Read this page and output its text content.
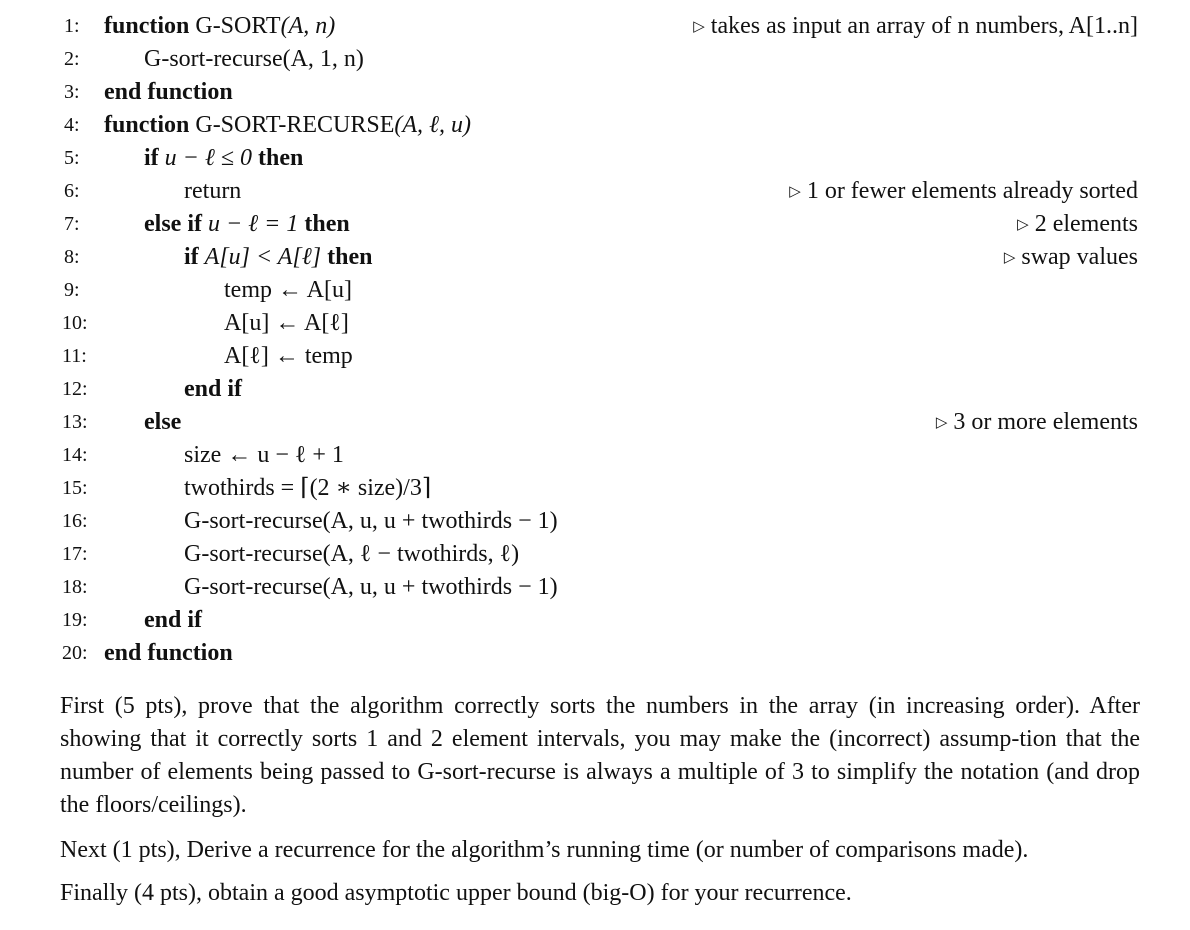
1:	function G-SORT(A, n)	▷ takes as input an array of n numbers, A[1..n]
2:	G-sort-recurse(A, 1, n)
3:	end function
4:	function G-SORT-RECURSE(A, ℓ, u)
5:	if u − ℓ ≤ 0 then
6:	return	▷ 1 or fewer elements already sorted
7:	else if u − ℓ = 1 then	▷ 2 elements
8:	if A[u] < A[ℓ] then	▷ swap values
9:	temp ← A[u]
10:	A[u] ← A[ℓ]
11:	A[ℓ] ← temp
12:	end if
13:	else	▷ 3 or more elements
14:	size ← u − ℓ + 1
15:	twothirds = ⌈(2 ∗ size)/3⌉
16:	G-sort-recurse(A, u, u + twothirds − 1)
17:	G-sort-recurse(A, ℓ − twothirds, ℓ)
18:	G-sort-recurse(A, u, u + twothirds − 1)
19:	end if
20: end function

First (5 pts), prove that the algorithm correctly sorts the numbers in the array (in increasing order). After showing that it correctly sorts 1 and 2 element intervals, you may make the (incorrect) assump-tion that the number of elements being passed to G-sort-recurse is always a multiple of 3 to simplify the notation (and drop the floors/ceilings).

Next (1 pts), Derive a recurrence for the algorithm’s running time (or number of comparisons made).

Finally (4 pts), obtain a good asymptotic upper bound (big-O) for your recurrence.
